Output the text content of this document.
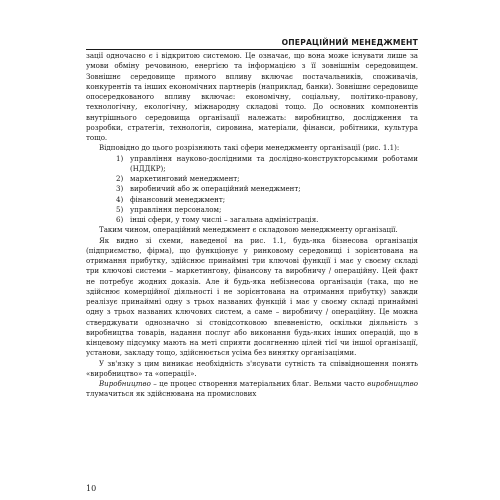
ОПЕРАЦІЙНИЙ МЕНЕДЖМЕНТ

зації одночасно є і відкритою системою. Це означає, що вона може існувати лише за умови обміну речовиною, енергією та інформацією з її зовнішнім середовищем. Зовнішнє середовище прямого впливу включає постачальників, споживачів, конкурентів та інших економічних партнерів (наприклад, банки). Зовнішнє середовище опосередкованого впливу включає: економічну, соціальну, політико-правову, технологічну, екологічну, міжнародну складові тощо. До основних компонентів внутрішнього середовища організації належать: виробництво, дослідження та розробки, стратегія, технологія, сировина, матеріали, фінанси, робітники, культура тощо.

Відповідно до цього розрізняють такі сфери менеджменту організації (рис. 1.1):

1) управління науково-дослідними та дослідно-конструкторськими роботами (НДДКР);
2) маркетинговий менеджмент;
3) виробничий або ж операційний менеджмент;
4) фінансовий менеджмент;
5) управління персоналом;
6) інші сфери, у тому числі – загальна адміністрація.

Таким чином, операційний менеджмент є складовою менеджменту організації.

Як видно зі схеми, наведеної на рис. 1.1, будь-яка бізнесова організація (підприємство, фірма), що функціонує у ринковому середовищі і зорієнтована на отримання прибутку, здійснює принаймні три ключові функції і має у своєму складі три ключові системи – маркетингову, фінансову та виробничу / операційну. Цей факт не потребує жодних доказів. Але й будь-яка небізнесова організація (така, що не здійснює комерційної діяльності і не зорієнтована на отримання прибутку) завжди реалізує принаймні одну з трьох названих функцій і має у своєму складі принаймні одну з трьох названих ключових систем, а саме – виробничу / операційну. Це можна стверджувати однозначно зі стовідсотковою впевненістю, оскільки діяльність з виробництва товарів, надання послуг або виконання будь-яких інших операцій, що в кінцевому підсумку мають на меті сприяти досягненню цілей тієї чи іншої організації, установи, закладу тощо, здійснюється усіма без винятку організаціями.

У зв'язку з цим виникає необхідність з'ясувати сутність та співвідношення понять «виробництво» та «операції».

Виробництво – це процес створення матеріальних благ. Вельми часто виробництво тлумачиться як здійснювана на промислових

10
